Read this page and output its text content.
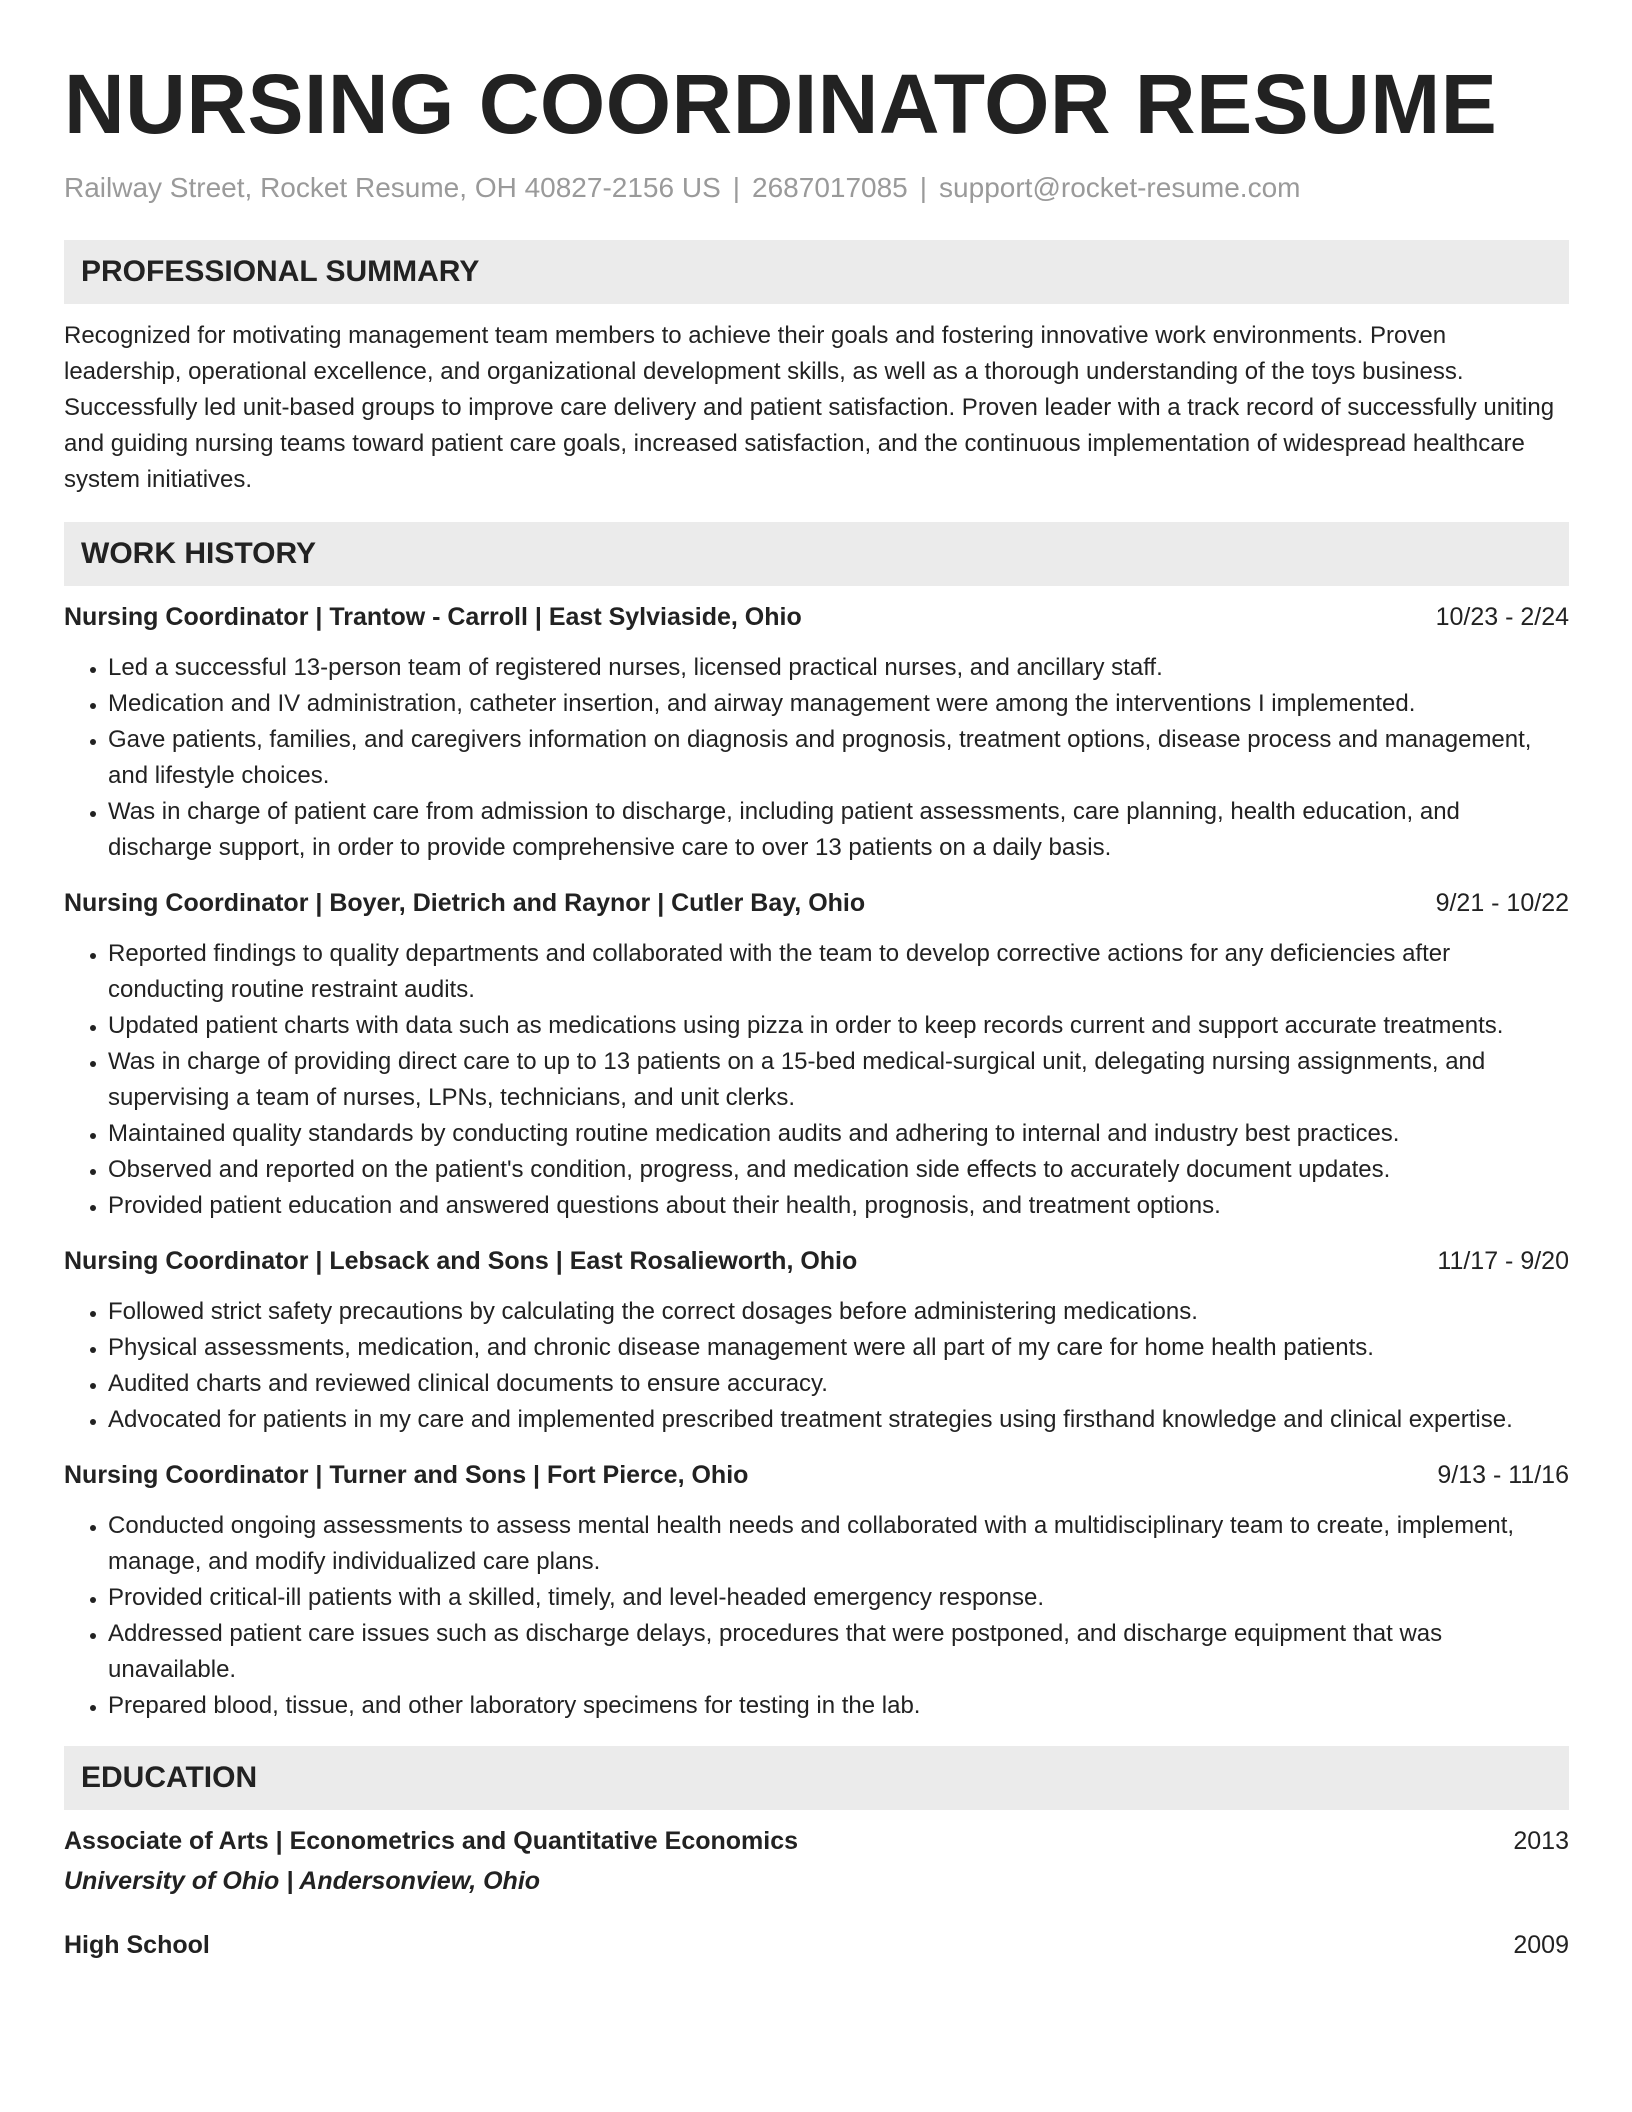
NURSING COORDINATOR RESUME
Railway Street, Rocket Resume, OH 40827-2156 US | 2687017085 | support@rocket-resume.com
PROFESSIONAL SUMMARY

Recognized for motivating management team members to achieve their goals and fostering innovative work environments. Proven leadership, operational excellence, and organizational development skills, as well as a thorough understanding of the toys business. Successfully led unit-based groups to improve care delivery and patient satisfaction. Proven leader with a track record of successfully uniting and guiding nursing teams toward patient care goals, increased satisfaction, and the continuous implementation of widespread healthcare system initiatives.

WORK HISTORY
Nursing Coordinator | Trantow - Carroll | East Sylviaside, Ohio	10/23 - 2/24
• Led a successful 13-person team of registered nurses, licensed practical nurses, and ancillary staff.
• Medication and IV administration, catheter insertion, and airway management were among the interventions I implemented.
• Gave patients, families, and caregivers information on diagnosis and prognosis, treatment options, disease process and management, and lifestyle choices.
• Was in charge of patient care from admission to discharge, including patient assessments, care planning, health education, and discharge support, in order to provide comprehensive care to over 13 patients on a daily basis.
Nursing Coordinator | Boyer, Dietrich and Raynor | Cutler Bay, Ohio	9/21 - 10/22
• Reported findings to quality departments and collaborated with the team to develop corrective actions for any deficiencies after conducting routine restraint audits.
• Updated patient charts with data such as medications using pizza in order to keep records current and support accurate treatments.
• Was in charge of providing direct care to up to 13 patients on a 15-bed medical-surgical unit, delegating nursing assignments, and supervising a team of nurses, LPNs, technicians, and unit clerks.
• Maintained quality standards by conducting routine medication audits and adhering to internal and industry best practices.
• Observed and reported on the patient's condition, progress, and medication side effects to accurately document updates.
• Provided patient education and answered questions about their health, prognosis, and treatment options.
Nursing Coordinator | Lebsack and Sons | East Rosalieworth, Ohio	11/17 - 9/20
• Followed strict safety precautions by calculating the correct dosages before administering medications.
• Physical assessments, medication, and chronic disease management were all part of my care for home health patients.
• Audited charts and reviewed clinical documents to ensure accuracy.
• Advocated for patients in my care and implemented prescribed treatment strategies using firsthand knowledge and clinical expertise.
Nursing Coordinator | Turner and Sons | Fort Pierce, Ohio	9/13 - 11/16
• Conducted ongoing assessments to assess mental health needs and collaborated with a multidisciplinary team to create, implement, manage, and modify individualized care plans.
• Provided critical-ill patients with a skilled, timely, and level-headed emergency response.
• Addressed patient care issues such as discharge delays, procedures that were postponed, and discharge equipment that was unavailable.
• Prepared blood, tissue, and other laboratory specimens for testing in the lab.
EDUCATION
Associate of Arts | Econometrics and Quantitative Economics	2013
University of Ohio | Andersonview, Ohio
High School	2009
